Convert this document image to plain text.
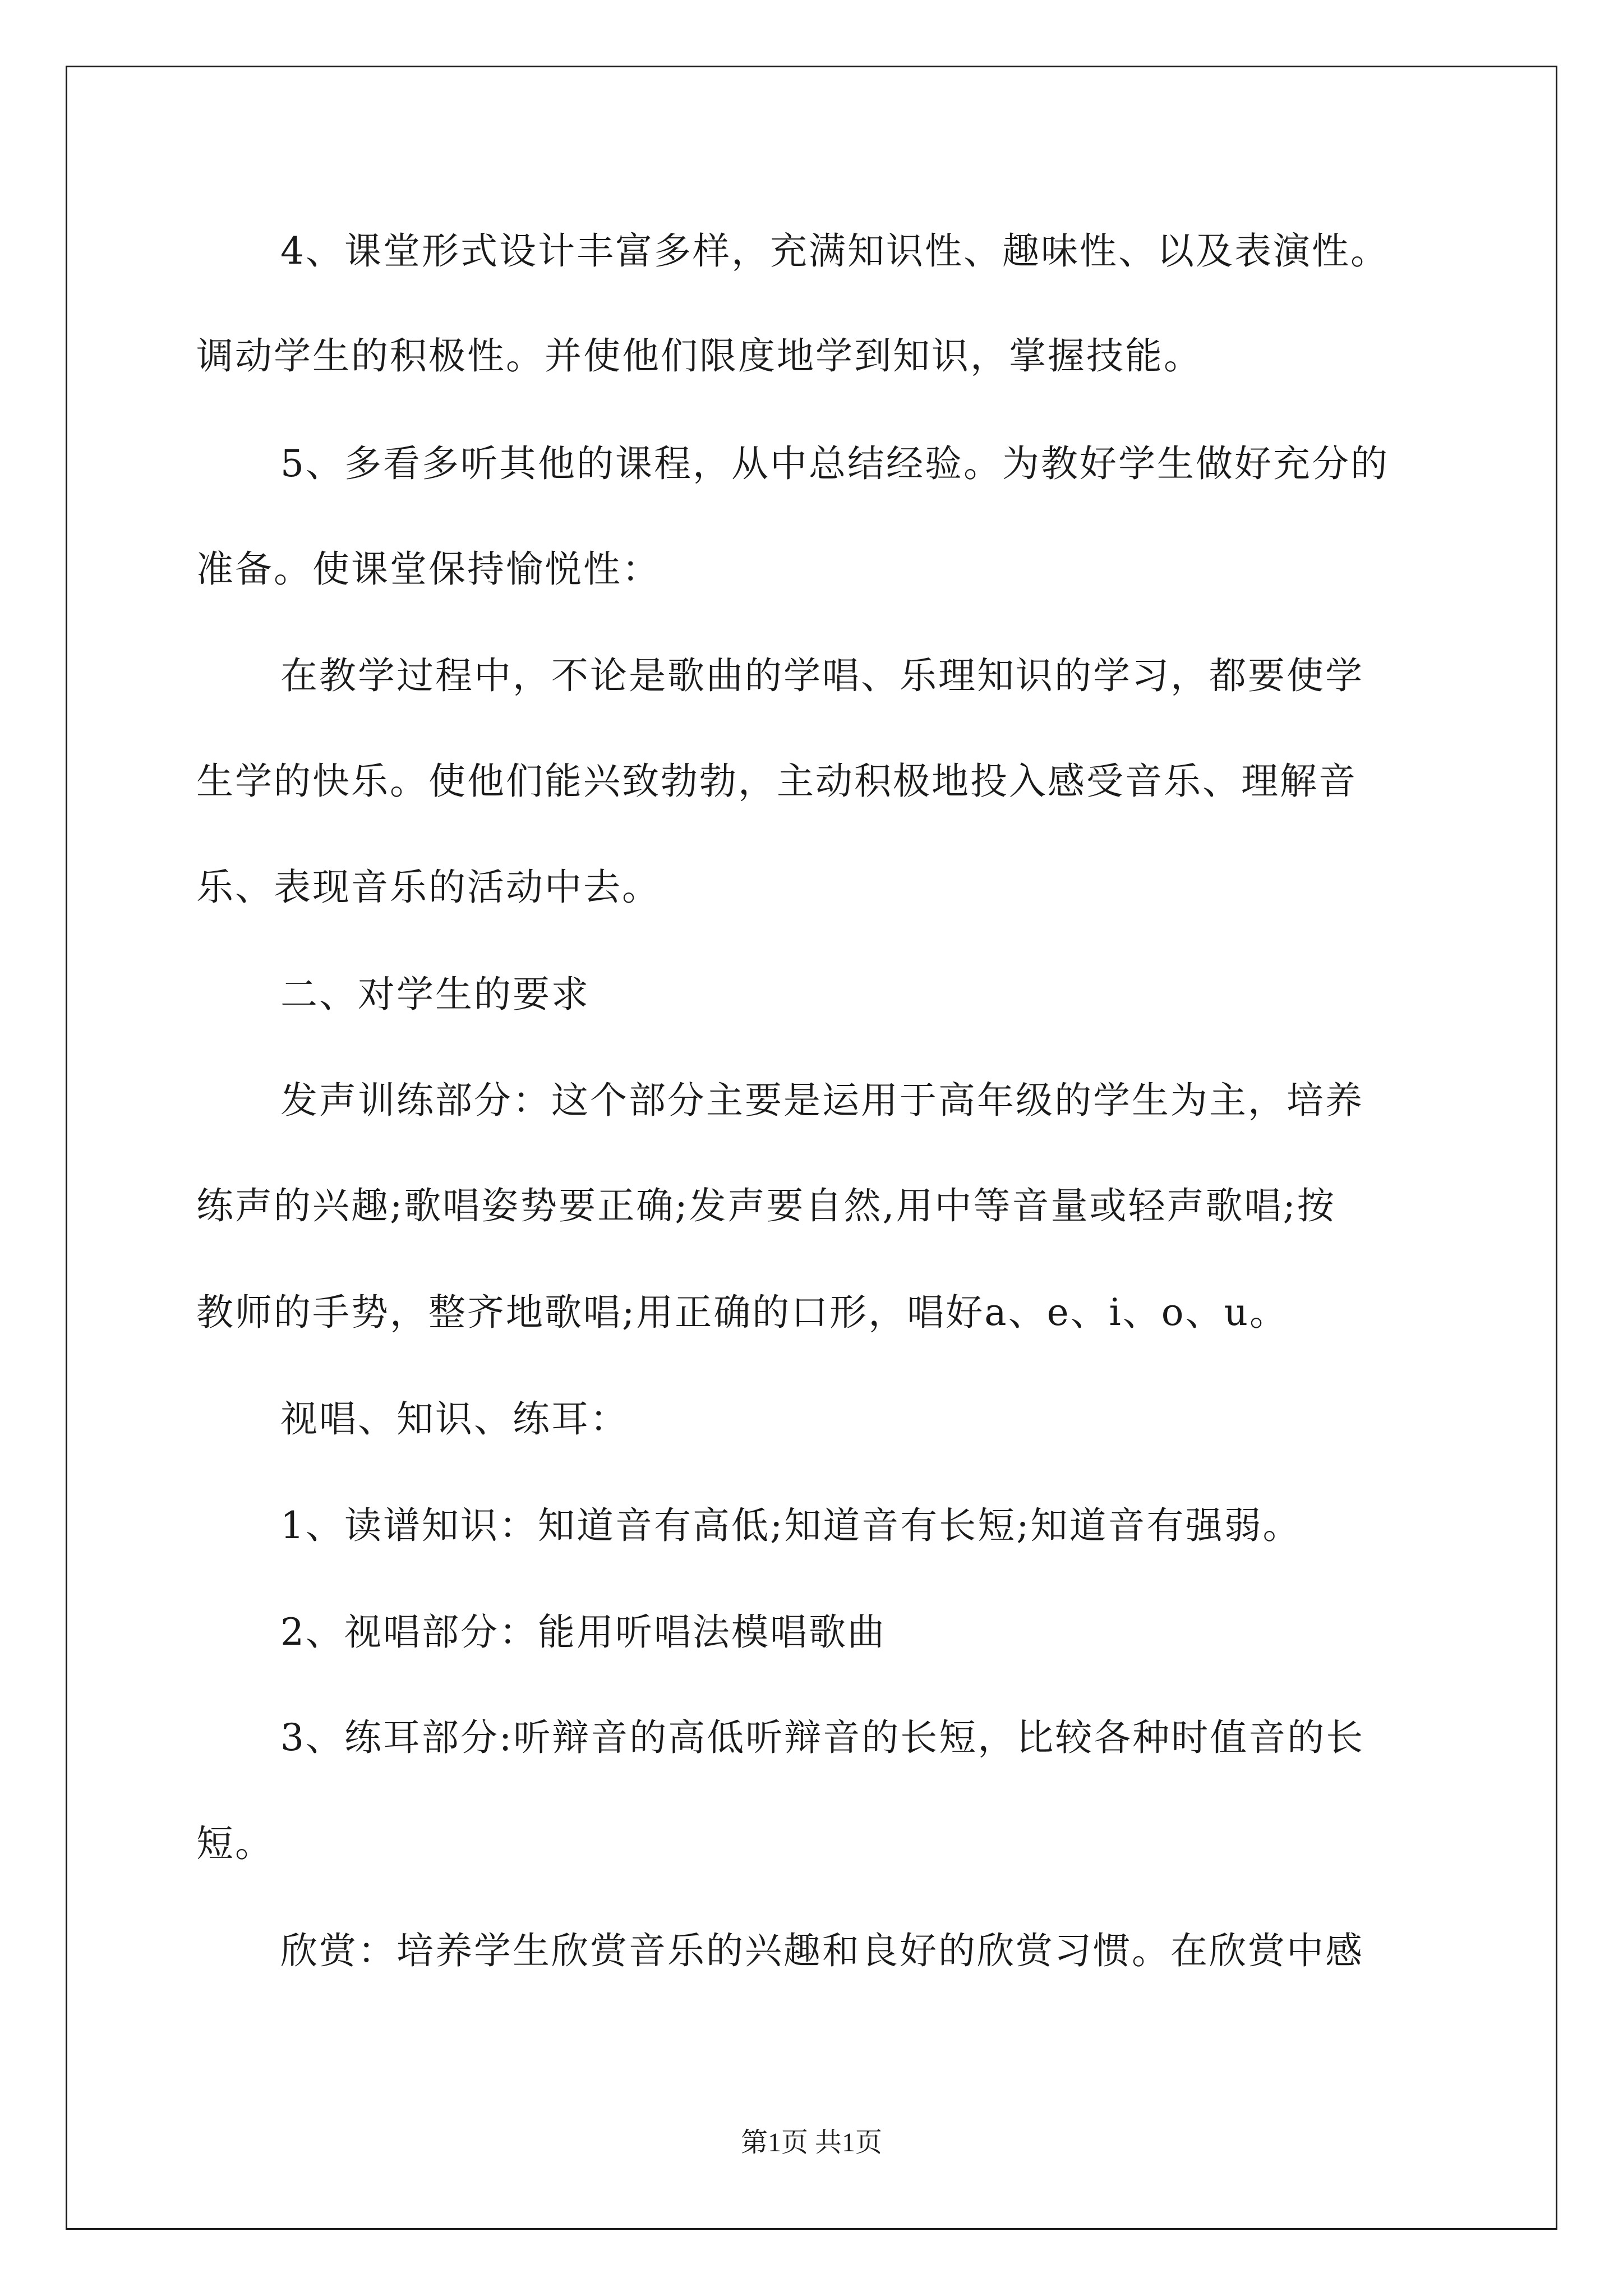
4、课堂形式设计丰富多样，充满知识性、趣味性、以及表演性。
调动学生的积极性。并使他们限度地学到知识，掌握技能。
5、多看多听其他的课程，从中总结经验。为教好学生做好充分的
准备。使课堂保持愉悦性：
在教学过程中，不论是歌曲的学唱、乐理知识的学习，都要使学
生学的快乐。使他们能兴致勃勃，主动积极地投入感受音乐、理解音
乐、表现音乐的活动中去。
二、对学生的要求
发声训练部分：这个部分主要是运用于高年级的学生为主，培养
练声的兴趣;歌唱姿势要正确;发声要自然,用中等音量或轻声歌唱;按
教师的手势，整齐地歌唱;用正确的口形，唱好a、e、i、o、u。
视唱、知识、练耳：
1、读谱知识：知道音有高低;知道音有长短;知道音有强弱。
2、视唱部分：能用听唱法模唱歌曲
3、练耳部分:听辩音的高低听辩音的长短，比较各种时值音的长
短。
欣赏：培养学生欣赏音乐的兴趣和良好的欣赏习惯。在欣赏中感
第1页 共1页
